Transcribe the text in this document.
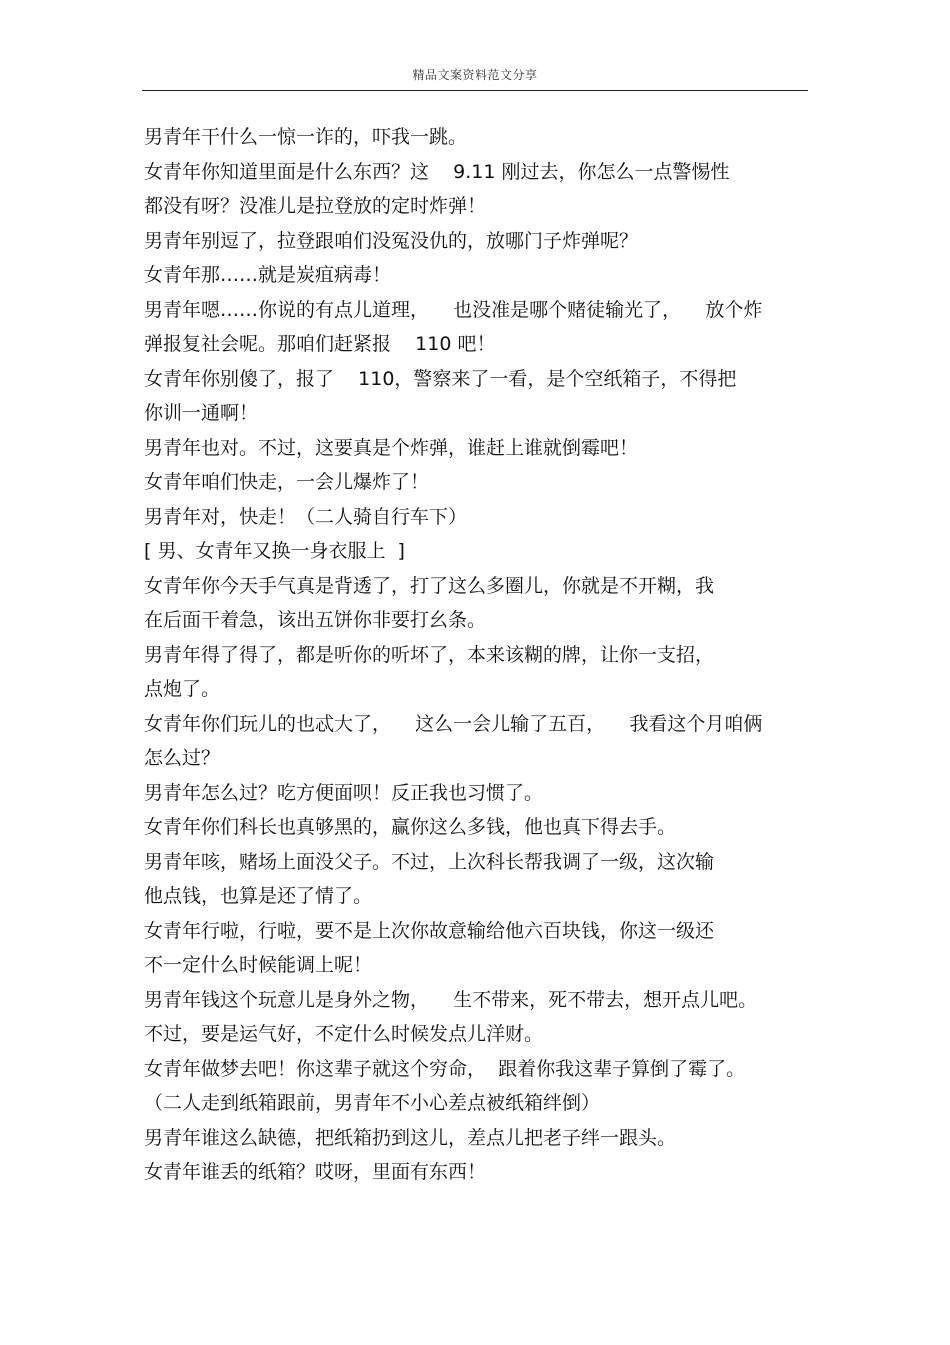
精品文案资料范文分享
男青年干什么一惊一诈的，吓我一跳。
女青年你知道里面是什么东西？这    9.11 刚过去，你怎么一点警惕性
都没有呀？没准儿是拉登放的定时炸弹！
男青年别逗了，拉登跟咱们没冤没仇的，放哪门子炸弹呢？
女青年那……就是炭疽病毒！
男青年嗯……你说的有点儿道理，    也没准是哪个赌徒输光了，    放个炸
弹报复社会呢。那咱们赶紧报    110 吧！
女青年你别傻了，报了    110，警察来了一看，是个空纸箱子，不得把
你训一通啊！
男青年也对。不过，这要真是个炸弹，谁赶上谁就倒霉吧！
女青年咱们快走，一会儿爆炸了！
男青年对，快走！（二人骑自行车下）
[ 男、女青年又换一身衣服上  ]
女青年你今天手气真是背透了，打了这么多圈儿，你就是不开糊，我
在后面干着急，该出五饼你非要打幺条。
男青年得了得了，都是听你的听坏了，本来该糊的牌，让你一支招，
点炮了。
女青年你们玩儿的也忒大了，    这么一会儿输了五百，    我看这个月咱俩
怎么过？
男青年怎么过？吃方便面呗！反正我也习惯了。
女青年你们科长也真够黑的，赢你这么多钱，他也真下得去手。
男青年咳，赌场上面没父子。不过，上次科长帮我调了一级，这次输
他点钱，也算是还了情了。
女青年行啦，行啦，要不是上次你故意输给他六百块钱，你这一级还
不一定什么时候能调上呢！
男青年钱这个玩意儿是身外之物，    生不带来，死不带去，想开点儿吧。
不过，要是运气好，不定什么时候发点儿洋财。
女青年做梦去吧！你这辈子就这个穷命，  跟着你我这辈子算倒了霉了。
（二人走到纸箱跟前，男青年不小心差点被纸箱绊倒）
男青年谁这么缺德，把纸箱扔到这儿，差点儿把老子绊一跟头。
女青年谁丢的纸箱？哎呀，里面有东西！
